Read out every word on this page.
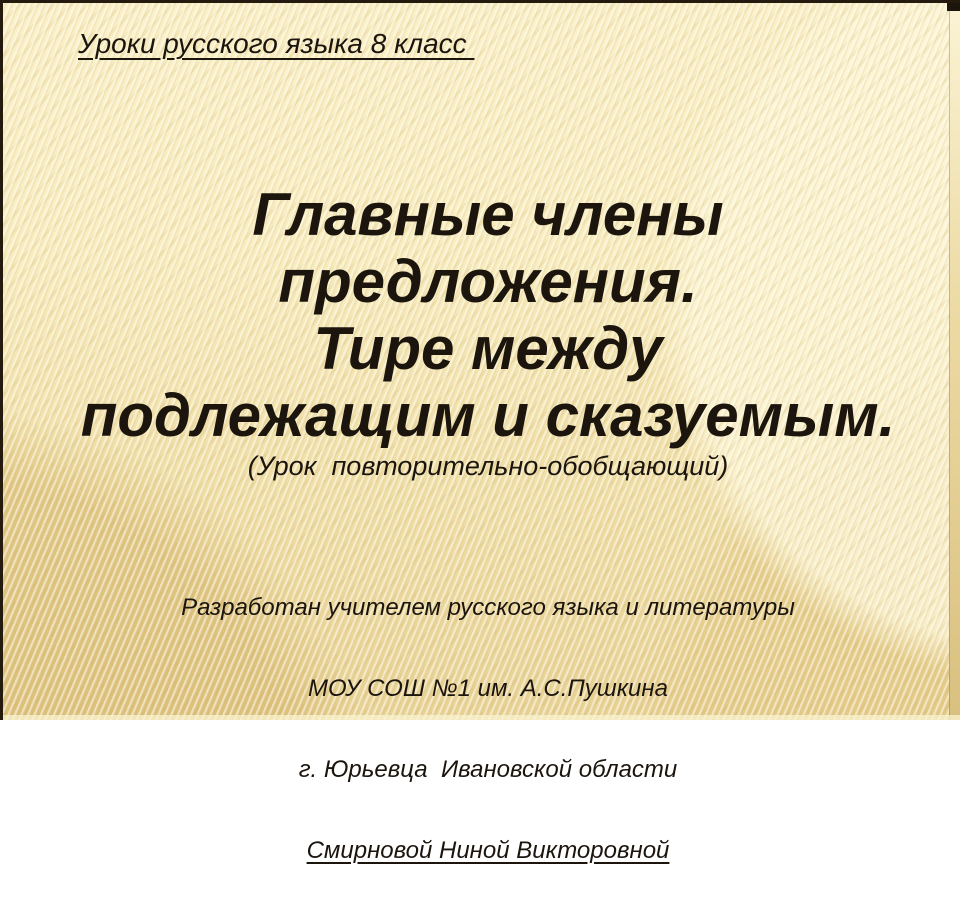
Уроки русского языка 8 класс
Главные члены
предложения.
Тире между
подлежащим и сказуемым.
(Урок  повторительно-обобщающий)

Разработан учителем русского языка и литературы

МОУ СОШ №1 им. А.С.Пушкина

г. Юрьевца  Ивановской области

Смирновой Ниной Викторовной
